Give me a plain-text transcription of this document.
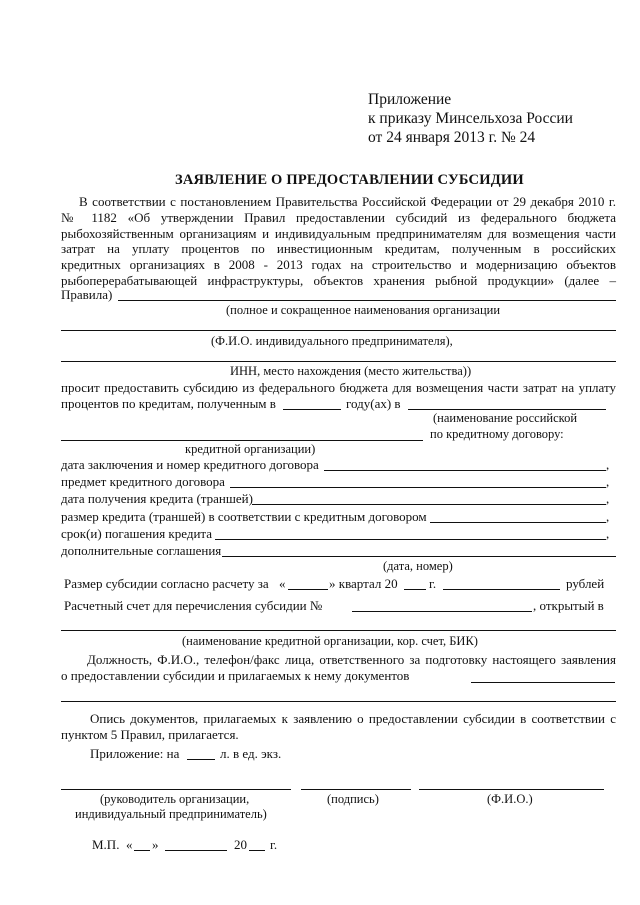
Приложение
к приказу Минсельхоза России
от 24 января 2013 г. № 24
ЗАЯВЛЕНИЕ О ПРЕДОСТАВЛЕНИИ СУБСИДИИ
В соответствии с постановлением Правительства Российской Федерации от 29 декабря 2010 г.
№ 1182 «Об утверждении Правил предоставлении субсидий из федерального бюджета
рыбохозяйственным организациям и индивидуальным предпринимателям для возмещения части
затрат на уплату процентов по инвестиционным кредитам, полученным в российских
кредитных организациях в 2008 - 2013 годах на строительство и модернизацию объектов
рыбоперерабатывающей инфраструктуры, объектов хранения рыбной продукции» (далее –
Правила)
(полное и сокращенное наименования организации
(Ф.И.О. индивидуального предпринимателя),
ИНН, место нахождения (место жительства))
просит предоставить субсидию из федерального бюджета для возмещения части затрат на уплату
процентов по кредитам, полученным в	году(ах) в
(наименование российской
по кредитному договору:
кредитной организации)
дата заключения и номер кредитного договора	,
предмет кредитного договора	,
дата получения кредита (траншей)	,
размер кредита (траншей) в соответствии с кредитным договором	,
срок(и) погашения кредита	,
дополнительные соглашения
(дата, номер)
Размер субсидии согласно расчету за «	» квартал 20 г.	рублей
Расчетный счет для перечисления субсидии №	, открытый в
(наименование кредитной организации, кор. счет, БИК)
Должность, Ф.И.О., телефон/факс лица, ответственного за подготовку настоящего заявления
о предоставлении субсидии и прилагаемых к нему документов
Опись документов, прилагаемых к заявлению о предоставлении субсидии в соответствии с
пунктом 5 Правил, прилагается.
Приложение: на	л. в ед. экз.
(руководитель организации,
индивидуальный предприниматель)
(подпись)	(Ф.И.О.)
М.П. « »	20 г.
